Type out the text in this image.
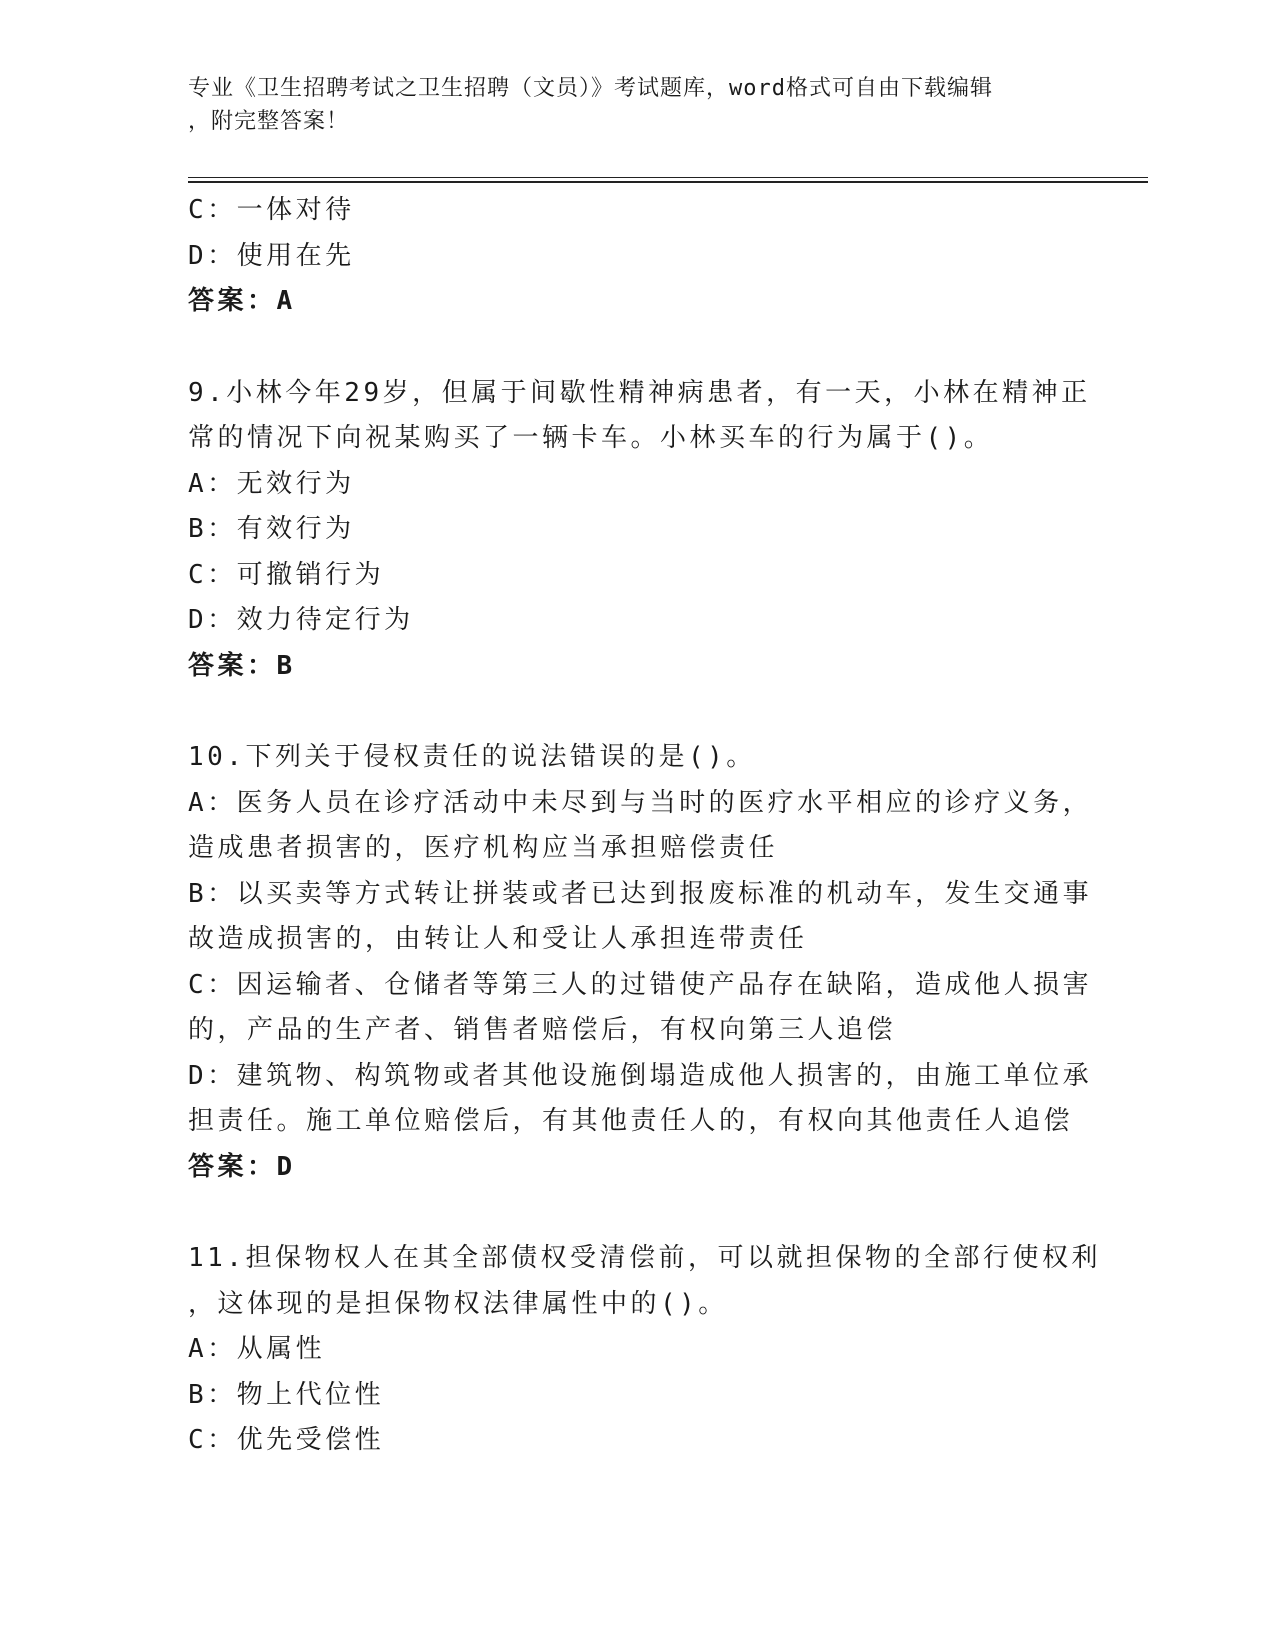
专业《卫生招聘考试之卫生招聘（文员）》考试题库，word格式可自由下载编辑
，附完整答案！
C：一体对待
D：使用在先
答案：A
9.小林今年29岁，但属于间歇性精神病患者，有一天，小林在精神正
常的情况下向祝某购买了一辆卡车。小林买车的行为属于()。
A：无效行为
B：有效行为
C：可撤销行为
D：效力待定行为
答案：B
10.下列关于侵权责任的说法错误的是()。
A：医务人员在诊疗活动中未尽到与当时的医疗水平相应的诊疗义务，
造成患者损害的，医疗机构应当承担赔偿责任
B：以买卖等方式转让拼装或者已达到报废标准的机动车，发生交通事
故造成损害的，由转让人和受让人承担连带责任
C：因运输者、仓储者等第三人的过错使产品存在缺陷，造成他人损害
的，产品的生产者、销售者赔偿后，有权向第三人追偿
D：建筑物、构筑物或者其他设施倒塌造成他人损害的，由施工单位承
担责任。施工单位赔偿后，有其他责任人的，有权向其他责任人追偿
答案：D
11.担保物权人在其全部债权受清偿前，可以就担保物的全部行使权利
，这体现的是担保物权法律属性中的()。
A：从属性
B：物上代位性
C：优先受偿性
